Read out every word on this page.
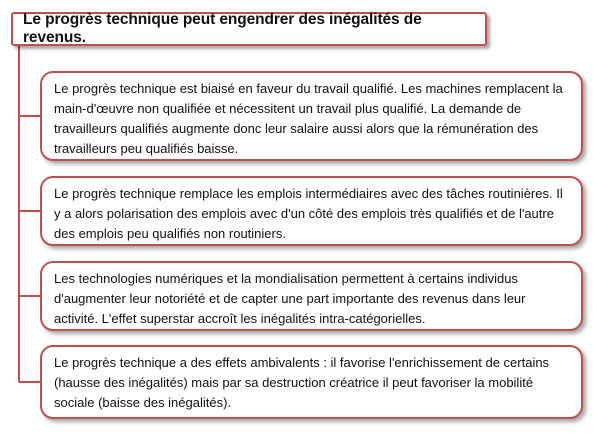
Le progrès technique peut engendrer des inégalités de revenus.
Le progrès technique est biaisé en faveur du travail qualifié. Les machines remplacent la main-d'œuvre non qualifiée et nécessitent un travail plus qualifié. La demande de travailleurs qualifiés augmente donc leur salaire aussi alors que la rémunération des travailleurs peu qualifiés baisse.
Le progrès technique remplace les emplois intermédiaires avec des tâches routinières. Il y a alors polarisation des emplois avec d'un côté des emplois très qualifiés et de l'autre des emplois peu qualifiés non routiniers.
Les technologies numériques et la mondialisation permettent à certains individus d'augmenter leur notoriété et de capter une part importante des revenus dans leur activité. L'effet superstar accroît les inégalités intra-catégorielles.
Le progrès technique a des effets ambivalents : il favorise l'enrichissement de certains (hausse des inégalités) mais par sa destruction créatrice il peut favoriser la mobilité sociale (baisse des inégalités).
